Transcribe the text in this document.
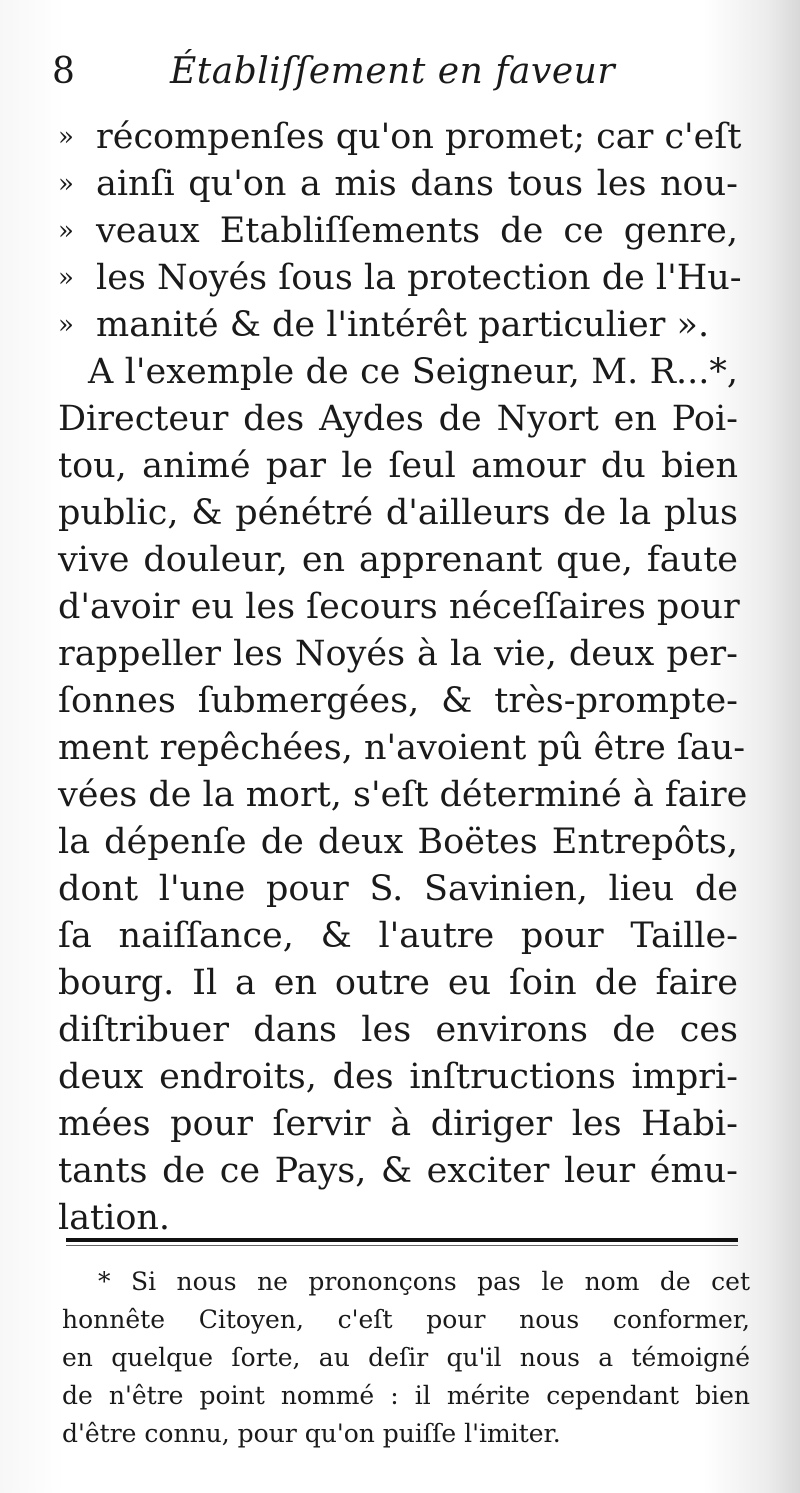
8	Établiſſement en faveur
» récompenſes qu'on promet; car c'eſt
» ainſi qu'on a mis dans tous les nou-
» veaux Etabliſſements de ce genre,
» les Noyés ſous la protection de l'Hu-
» manité & de l'intérêt particulier ».
A l'exemple de ce Seigneur, M. R...*,
Directeur des Aydes de Nyort en Poi-
tou, animé par le ſeul amour du bien
public, & pénétré d'ailleurs de la plus
vive douleur, en apprenant que, faute
d'avoir eu les ſecours néceſſaires pour
rappeller les Noyés à la vie, deux per-
ſonnes ſubmergées, & très-prompte-
ment repêchées, n'avoient pû être ſau-
vées de la mort, s'eſt déterminé à faire
la dépenſe de deux Boëtes Entrepôts,
dont l'une pour S. Savinien, lieu de
ſa naiſſance, & l'autre pour Taille-
bourg. Il a en outre eu ſoin de faire
diſtribuer dans les environs de ces
deux endroits, des inſtructions impri-
mées pour ſervir à diriger les Habi-
tants de ce Pays, & exciter leur ému-
lation.
* Si nous ne prononçons pas le nom de cet
honnête Citoyen, c'eſt pour nous conformer,
en quelque ſorte, au deſir qu'il nous a témoigné
de n'être point nommé : il mérite cependant bien
d'être connu, pour qu'on puiſſe l'imiter.
